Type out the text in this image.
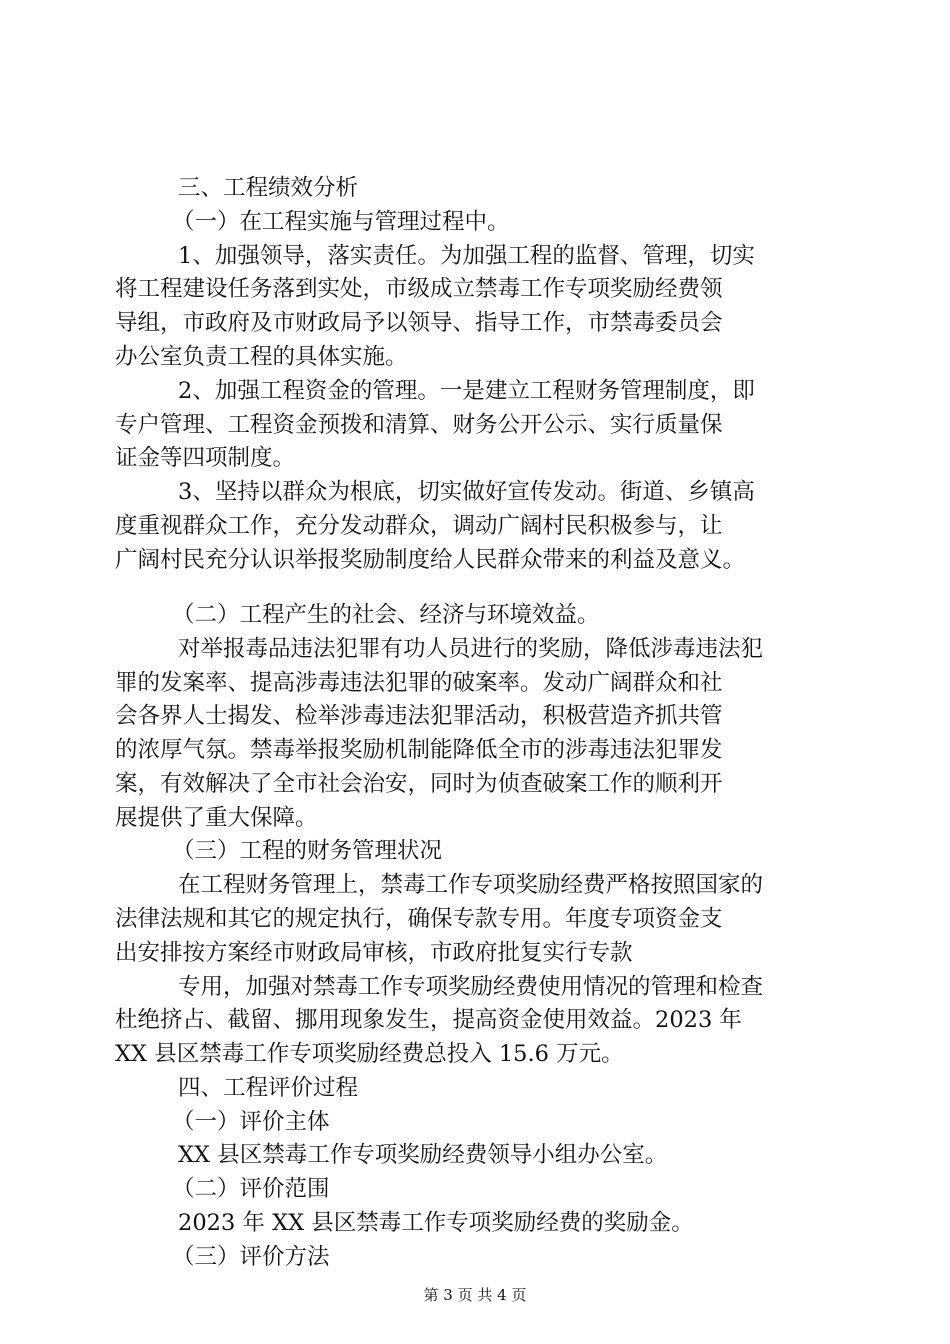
三、工程绩效分析

（一）在工程实施与管理过程中。

1、加强领导，落实责任。为加强工程的监督、管理，切实

将工程建设任务落到实处，市级成立禁毒工作专项奖励经费领

导组，市政府及市财政局予以领导、指导工作，市禁毒委员会

办公室负责工程的具体实施。

2、加强工程资金的管理。一是建立工程财务管理制度，即

专户管理、工程资金预拨和清算、财务公开公示、实行质量保

证金等四项制度。

3、坚持以群众为根底，切实做好宣传发动。街道、乡镇高

度重视群众工作，充分发动群众，调动广阔村民积极参与，让

广阔村民充分认识举报奖励制度给人民群众带来的利益及意义。

（二）工程产生的社会、经济与环境效益。

对举报毒品违法犯罪有功人员进行的奖励，降低涉毒违法犯

罪的发案率、提高涉毒违法犯罪的破案率。发动广阔群众和社

会各界人士揭发、检举涉毒违法犯罪活动，积极营造齐抓共管

的浓厚气氛。禁毒举报奖励机制能降低全市的涉毒违法犯罪发

案，有效解决了全市社会治安，同时为侦查破案工作的顺利开

展提供了重大保障。

（三）工程的财务管理状况

在工程财务管理上，禁毒工作专项奖励经费严格按照国家的

法律法规和其它的规定执行，确保专款专用。年度专项资金支

出安排按方案经市财政局审核，市政府批复实行专款

专用，加强对禁毒工作专项奖励经费使用情况的管理和检查

杜绝挤占、截留、挪用现象发生，提高资金使用效益。2023 年

XX 县区禁毒工作专项奖励经费总投入 15.6 万元。

四、工程评价过程

（一）评价主体

XX 县区禁毒工作专项奖励经费领导小组办公室。

（二）评价范围

2023 年 XX 县区禁毒工作专项奖励经费的奖励金。

（三）评价方法

第 3 页 共 4 页
